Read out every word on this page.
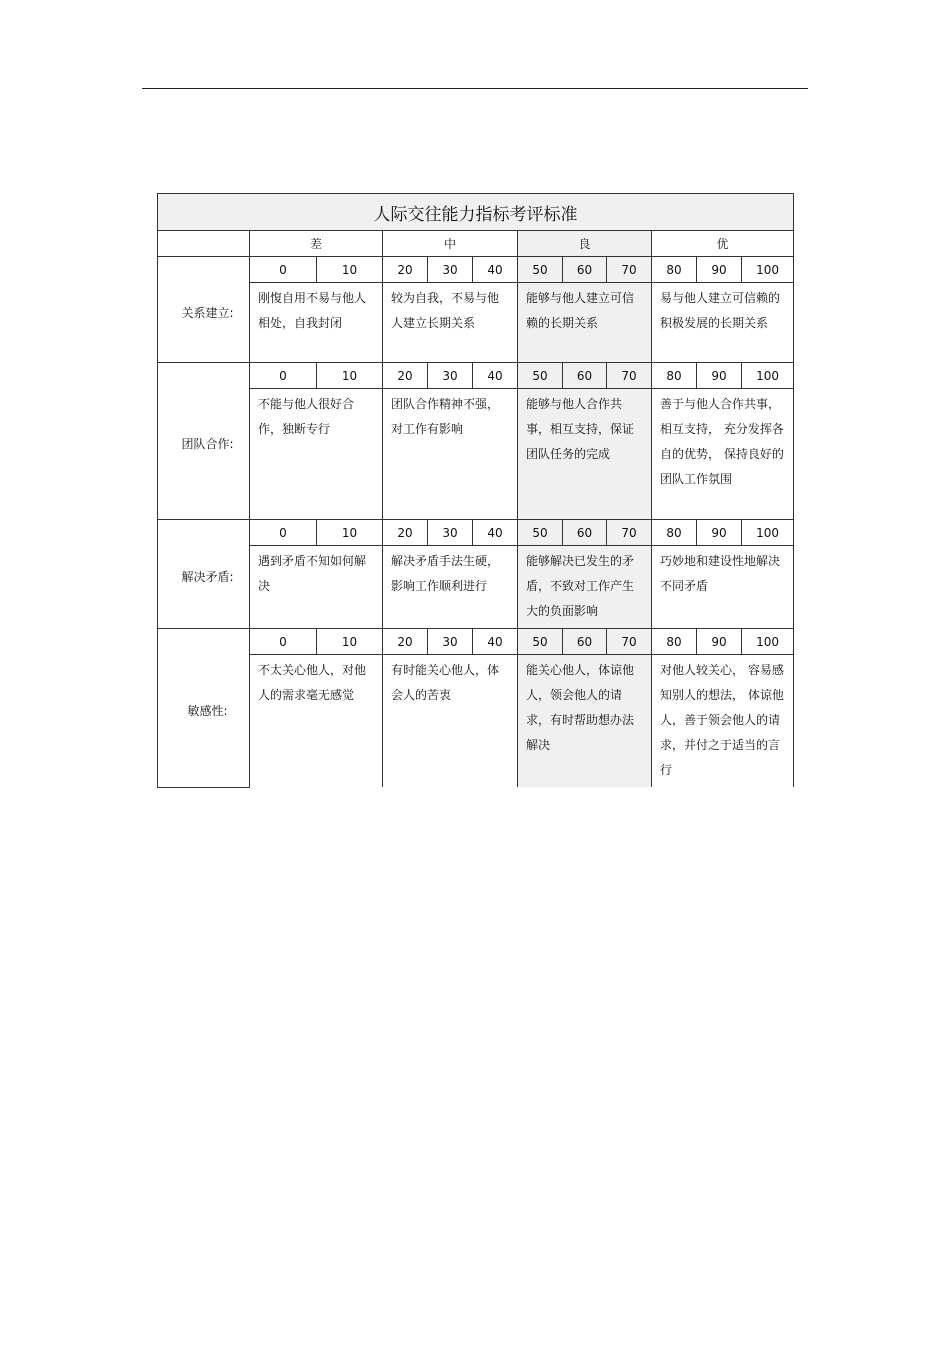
人际交往能力指标考评标准											
	差		中			良			优		
关系建立:	0	10	20	30	40	50	60	70	80	90	100
	刚愎自用不易与他人相处，自我封闭		较为自我，不易与他人建立长期关系			能够与他人建立可信赖的长期关系			易与他人建立可信赖的积极发展的长期关系		
团队合作:	0	10	20	30	40	50	60	70	80	90	100
	不能与他人很好合作，独断专行		团队合作精神不强，对工作有影响			能够与他人合作共事，相互支持，保证团队任务的完成			善于与他人合作共事，相互支持， 充分发挥各自的优势， 保持良好的团队工作氛围		
解决矛盾:	0	10	20	30	40	50	60	70	80	90	100
	遇到矛盾不知如何解决		解决矛盾手法生硬，影响工作顺利进行			能够解决已发生的矛盾，不致对工作产生大的负面影响			巧妙地和建设性地解决不同矛盾		
敏感性:	0	10	20	30	40	50	60	70	80	90	100
	不太关心他人，对他人的需求毫无感觉		有时能关心他人，体会人的苦衷			能关心他人，体谅他人，领会他人的请求，有时帮助想办法解决			对他人较关心， 容易感知别人的想法， 体谅他人，善于领会他人的请求，并付之于适当的言行		
